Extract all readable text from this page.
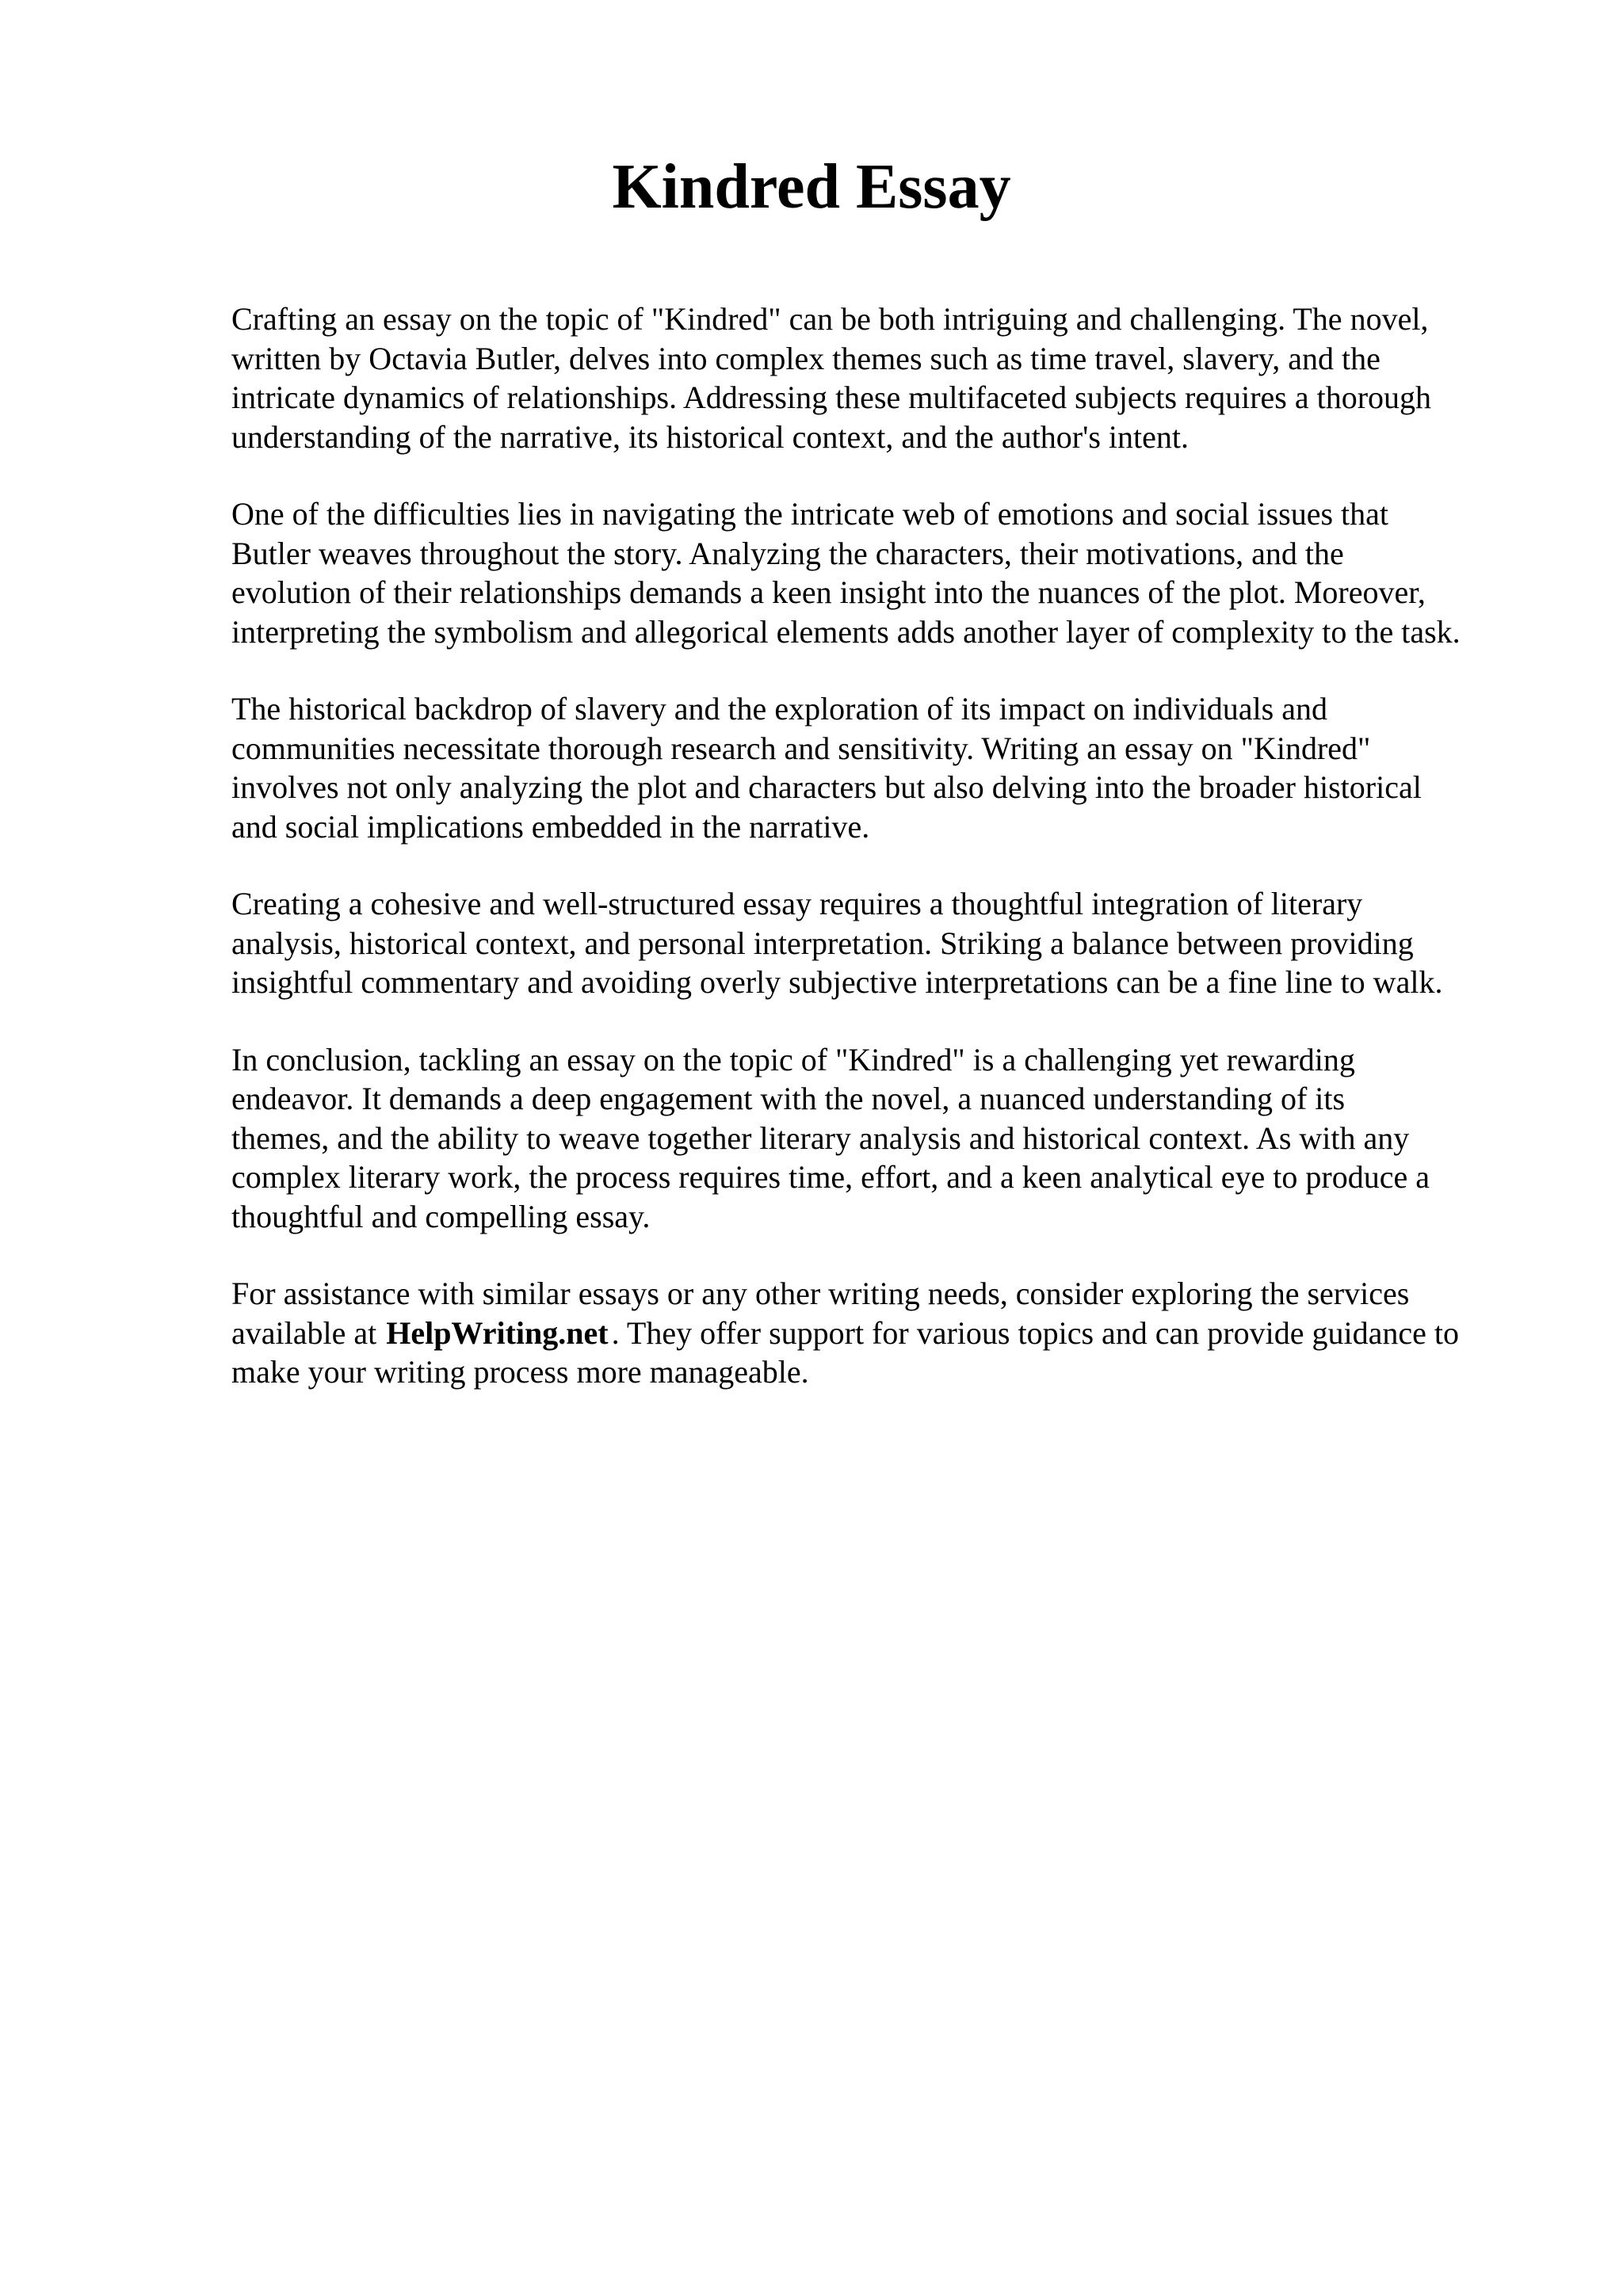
Kindred Essay

Crafting an essay on the topic of "Kindred" can be both intriguing and challenging. The novel,
written by Octavia Butler, delves into complex themes such as time travel, slavery, and the
intricate dynamics of relationships. Addressing these multifaceted subjects requires a thorough
understanding of the narrative, its historical context, and the author's intent.

One of the difficulties lies in navigating the intricate web of emotions and social issues that
Butler weaves throughout the story. Analyzing the characters, their motivations, and the
evolution of their relationships demands a keen insight into the nuances of the plot. Moreover,
interpreting the symbolism and allegorical elements adds another layer of complexity to the task.

The historical backdrop of slavery and the exploration of its impact on individuals and
communities necessitate thorough research and sensitivity. Writing an essay on "Kindred"
involves not only analyzing the plot and characters but also delving into the broader historical
and social implications embedded in the narrative.

Creating a cohesive and well-structured essay requires a thoughtful integration of literary
analysis, historical context, and personal interpretation. Striking a balance between providing
insightful commentary and avoiding overly subjective interpretations can be a fine line to walk.

In conclusion, tackling an essay on the topic of "Kindred" is a challenging yet rewarding
endeavor. It demands a deep engagement with the novel, a nuanced understanding of its
themes, and the ability to weave together literary analysis and historical context. As with any
complex literary work, the process requires time, effort, and a keen analytical eye to produce a
thoughtful and compelling essay.

For assistance with similar essays or any other writing needs, consider exploring the services
available at HelpWriting.net . They offer support for various topics and can provide guidance to
make your writing process more manageable.
